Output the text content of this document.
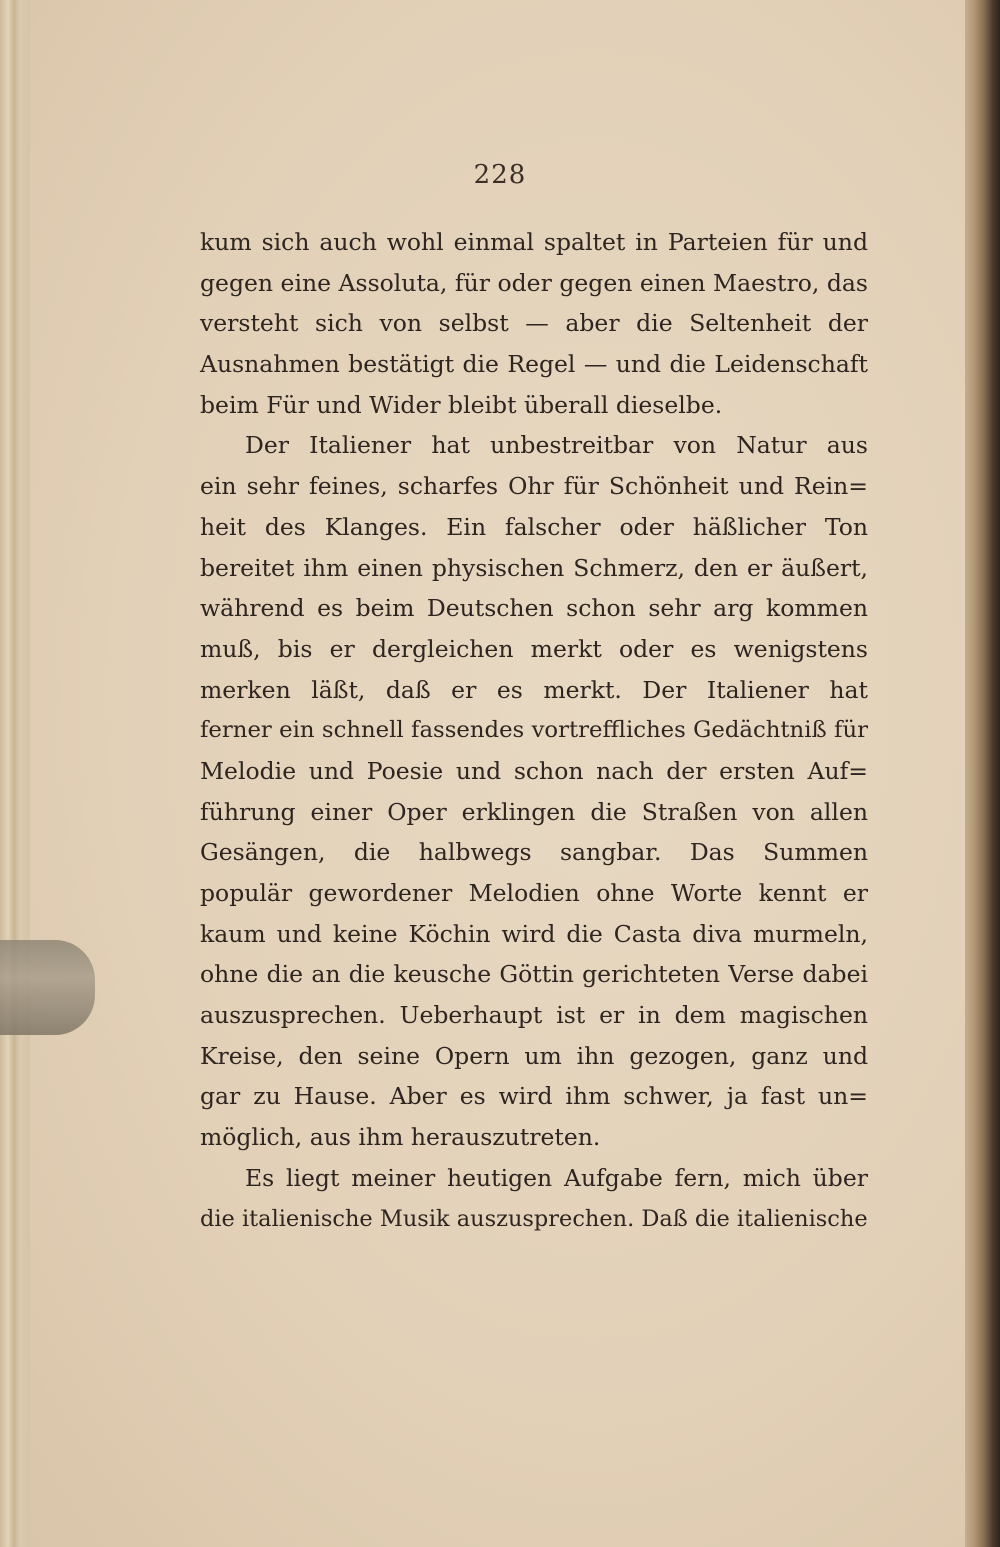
228
kum sich auch wohl einmal spaltet in Parteien für und
gegen eine Assoluta, für oder gegen einen Maestro, das
versteht sich von selbst — aber die Seltenheit der
Ausnahmen bestätigt die Regel — und die Leidenschaft
beim Für und Wider bleibt überall dieselbe.
Der Italiener hat unbestreitbar von Natur aus
ein sehr feines, scharfes Ohr für Schönheit und Rein=
heit des Klanges. Ein falscher oder häßlicher Ton
bereitet ihm einen physischen Schmerz, den er äußert,
während es beim Deutschen schon sehr arg kommen
muß, bis er dergleichen merkt oder es wenigstens
merken läßt, daß er es merkt. Der Italiener hat
ferner ein schnell fassendes vortreffliches Gedächtniß für
Melodie und Poesie und schon nach der ersten Auf=
führung einer Oper erklingen die Straßen von allen
Gesängen, die halbwegs sangbar. Das Summen
populär gewordener Melodien ohne Worte kennt er
kaum und keine Köchin wird die Casta diva murmeln,
ohne die an die keusche Göttin gerichteten Verse dabei
auszusprechen. Ueberhaupt ist er in dem magischen
Kreise, den seine Opern um ihn gezogen, ganz und
gar zu Hause. Aber es wird ihm schwer, ja fast un=
möglich, aus ihm herauszutreten.
Es liegt meiner heutigen Aufgabe fern, mich über
die italienische Musik auszusprechen. Daß die italienische
